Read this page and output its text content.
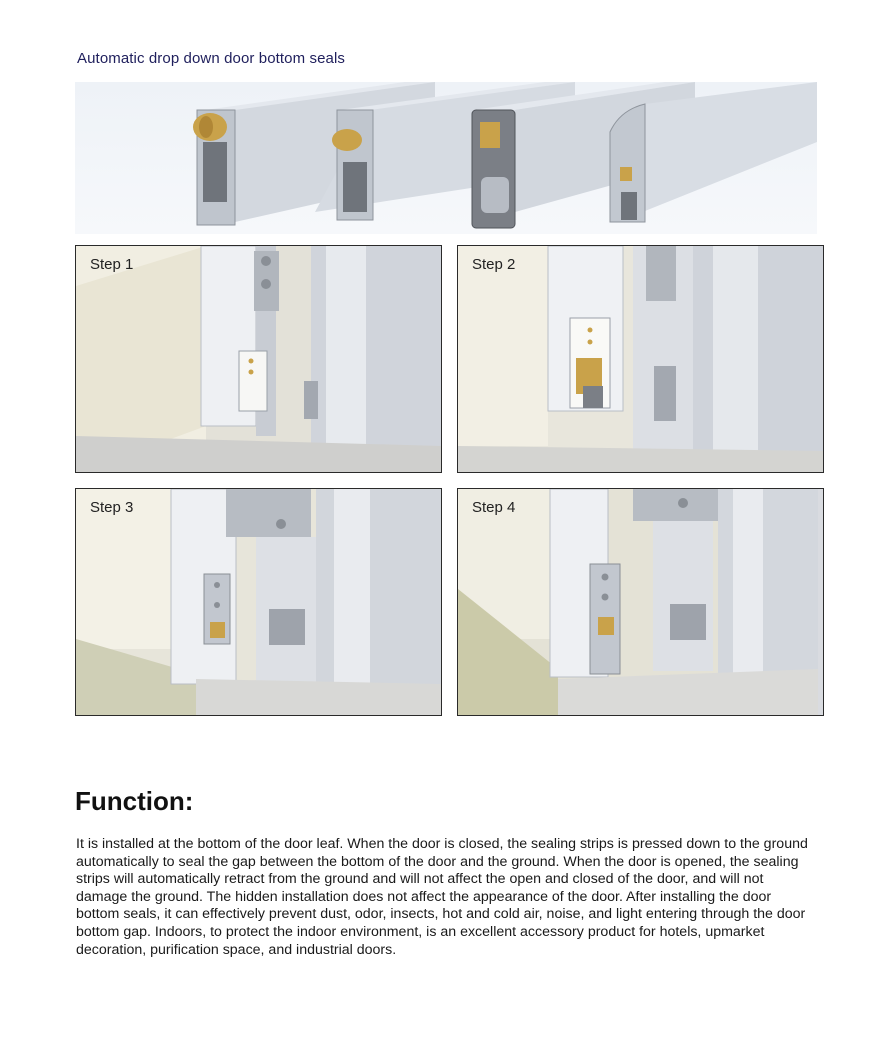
Automatic drop down door bottom seals
Step 1	Step 2
Step 3	Step 4
Function:

It is installed at the bottom of the door leaf. When the door is closed, the sealing strips is pressed down to the ground

automatically to seal the gap between the bottom of the door and the ground. When the door is opened, the sealing

strips will automatically retract from the ground and will not affect the open and closed of the door, and will not

damage the ground. The hidden installation does not affect the appearance of the door. After installing the door

bottom seals, it can effectively prevent dust, odor, insects, hot and cold air, noise, and light entering through the door

bottom gap. Indoors, to protect the indoor environment, is an excellent accessory product for hotels, upmarket

decoration, purification space, and industrial doors.
